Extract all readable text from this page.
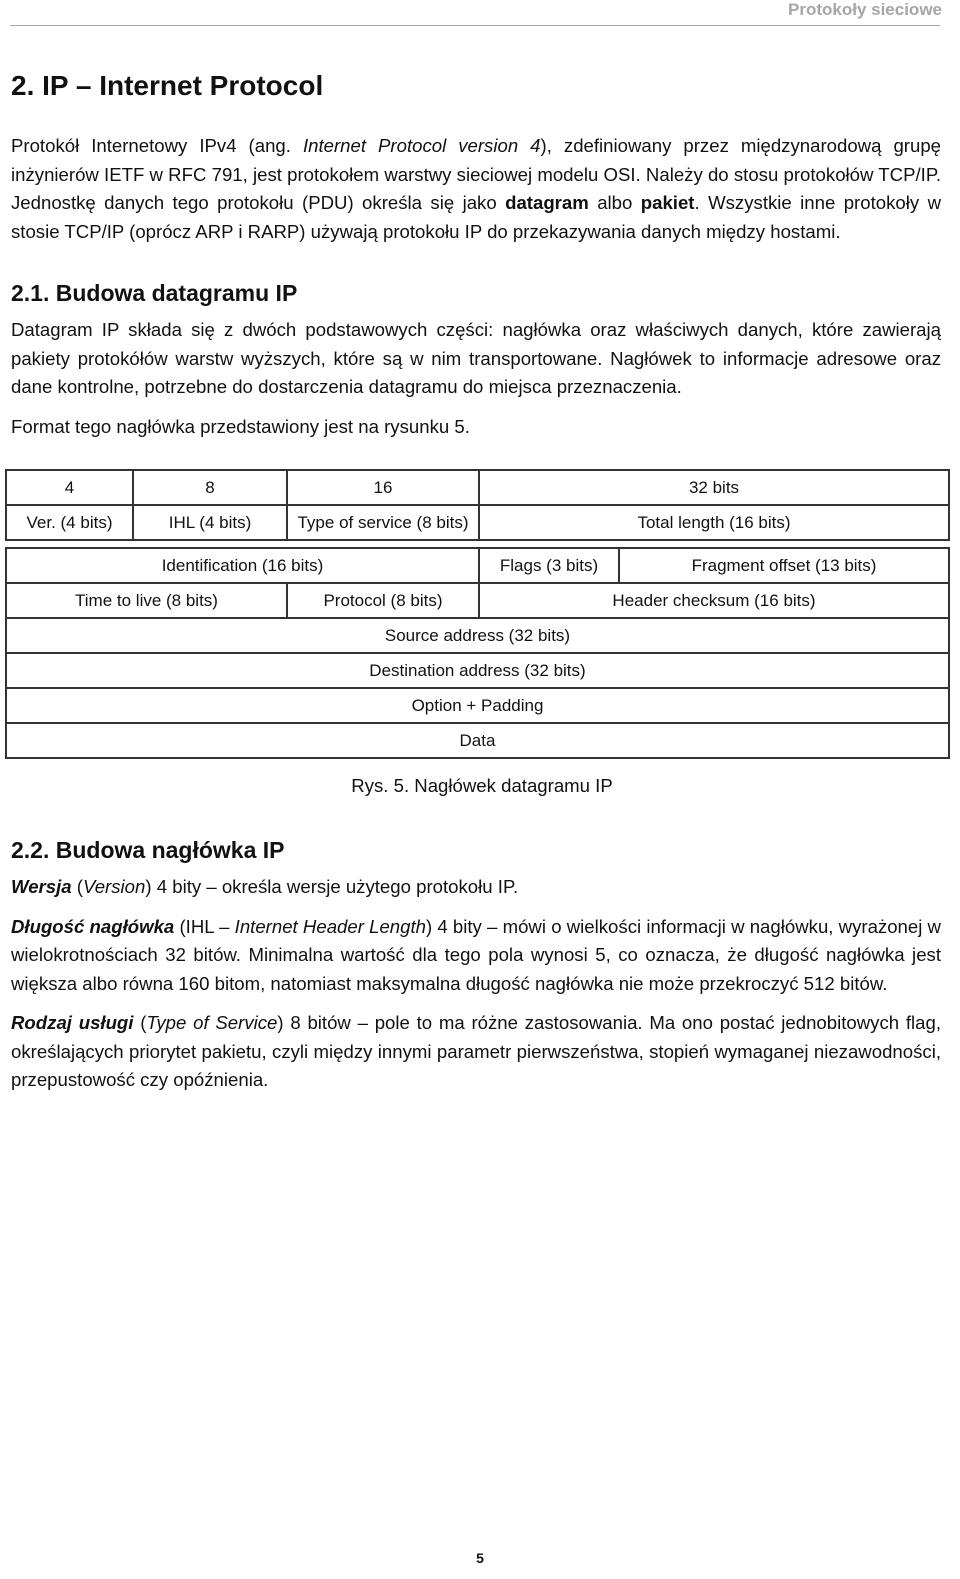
Protokoły sieciowe
2. IP – Internet Protocol

Protokół Internetowy IPv4 (ang. Internet Protocol version 4), zdefiniowany przez międzynarodową grupę inżynierów IETF w RFC 791, jest protokołem warstwy sieciowej modelu OSI. Należy do stosu protokołów TCP/IP. Jednostkę danych tego protokołu (PDU) określa się jako datagram albo pakiet. Wszystkie inne protokoły w stosie TCP/IP (oprócz ARP i RARP) używają protokołu IP do przekazywania danych między hostami.

2.1. Budowa datagramu IP

Datagram IP składa się z dwóch podstawowych części: nagłówka oraz właściwych danych, które zawierają pakiety protokółów warstw wyższych, które są w nim transportowane. Nagłówek to informacje adresowe oraz dane kontrolne, potrzebne do dostarczenia datagramu do miejsca przeznaczenia.

Format tego nagłówka przedstawiony jest na rysunku 5.

4	8	16	32 bits	
Ver. (4 bits)	IHL (4 bits)	Type of service (8 bits)	Total length (16 bits)	

Identification (16 bits)			Flags (3 bits)	Fragment offset (13 bits)
Time to live (8 bits)		Protocol (8 bits)	Header checksum (16 bits)	
Source address (32 bits)				
Destination address (32 bits)				
Option + Padding				
Data				

Rys. 5. Nagłówek datagramu IP

2.2. Budowa nagłówka IP

Wersja (Version) 4 bity – określa wersje użytego protokołu IP.

Długość nagłówka (IHL – Internet Header Length) 4 bity – mówi o wielkości informacji w nagłówku, wyrażonej w wielokrotnościach 32 bitów. Minimalna wartość dla tego pola wynosi 5, co oznacza, że długość nagłówka jest większa albo równa 160 bitom, natomiast maksymalna długość nagłówka nie może przekroczyć 512 bitów.

Rodzaj usługi (Type of Service) 8 bitów – pole to ma różne zastosowania. Ma ono postać jednobitowych flag, określających priorytet pakietu, czyli między innymi parametr pierwszeństwa, stopień wymaganej niezawodności, przepustowość czy opóźnienia.

5
